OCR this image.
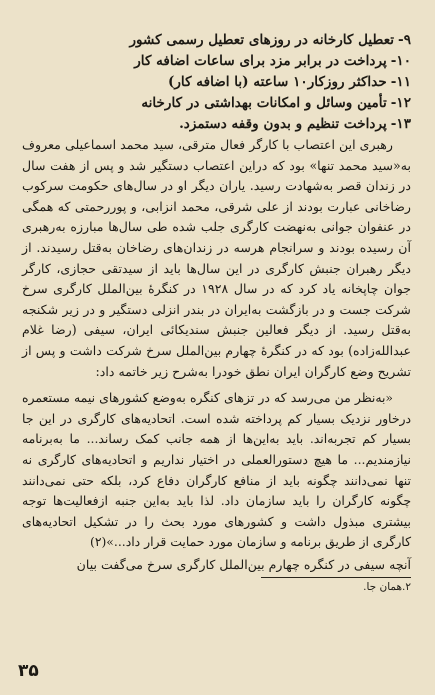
۹-تعطیل کارخانه در روزهای تعطیل رسمی کشور
۱۰-پرداخت در برابر مزد برای ساعات اضافه کار
۱۱-حداکثر روزکار۱۰ ساعته (با اضافه کار)
۱۲-تأمین وسائل و امکانات بهداشتی در کارخانه
۱۳-پرداخت تنظیم و بدون وقفه دستمزد.

رهبری این اعتصاب با کارگر فعال مترقی، سید محمد اسماعیلی معروف به«سید محمد تنها» بود که دراین اعتصاب دستگیر شد و پس از هفت سال در زندان قصر به‌شهادت رسید. یاران دیگر او در سال‌های حکومت سرکوب رضاخانی عبارت بودند از علی شرقی، محمد انزابی، و پوررحمتی که همگی در عنفوان جوانی به‌نهضت کارگری جلب شده طی سال‌ها مبارزه به‌رهبری آن رسیده بودند و سرانجام هرسه در زندان‌های رضاخان به‌قتل رسیدند. از دیگر رهبران جنبش کارگری در این سال‌ها باید از سیدتقی حجازی، کارگر جوان چاپخانه یاد کرد که در سال ۱۹۲۸ در کنگرهٔ بین‌الملل کارگری سرخ شرکت جست و در بازگشت به‌ایران در بندر انزلی دستگیر و در زیر شکنجه به‌قتل رسید. از دیگر فعالین جنبش سندیکائی ایران، سیفی (رضا غلام عبدالله‌زاده) بود که در کنگرهٔ چهارم بین‌الملل سرخ شرکت داشت و پس از تشریح وضع کارگران ایران نطق خودرا به‌شرح زیر خاتمه داد:

«به‌نظر من می‌رسد که در تزهای کنگره به‌وضع کشورهای نیمه مستعمره درخاور نزدیک بسیار کم پرداخته شده است. اتحادیه‌های کارگری در این جا بسیار کم تجربه‌اند. باید به‌این‌ها از همه جانب کمک رساند... ما به‌برنامه نیازمندیم... ما هیچ دستورالعملی در اختیار نداریم و اتحادیه‌های کارگری نه تنها نمی‌دانند چگونه باید از منافع کارگران دفاع کرد، بلکه حتی نمی‌دانند چگونه کارگران را باید سازمان داد. لذا باید به‌این جنبه ازفعالیت‌ها توجه بیشتری مبذول داشت و کشورهای مورد بحث را در تشکیل اتحادیه‌های کارگری از طریق برنامه و سازمان مورد حمایت قرار داد...»(۲)

آنچه سیفی در کنگره چهارم بین‌الملل کارگری سرخ می‌گفت بیان
۲.همان جا.
۳۵
